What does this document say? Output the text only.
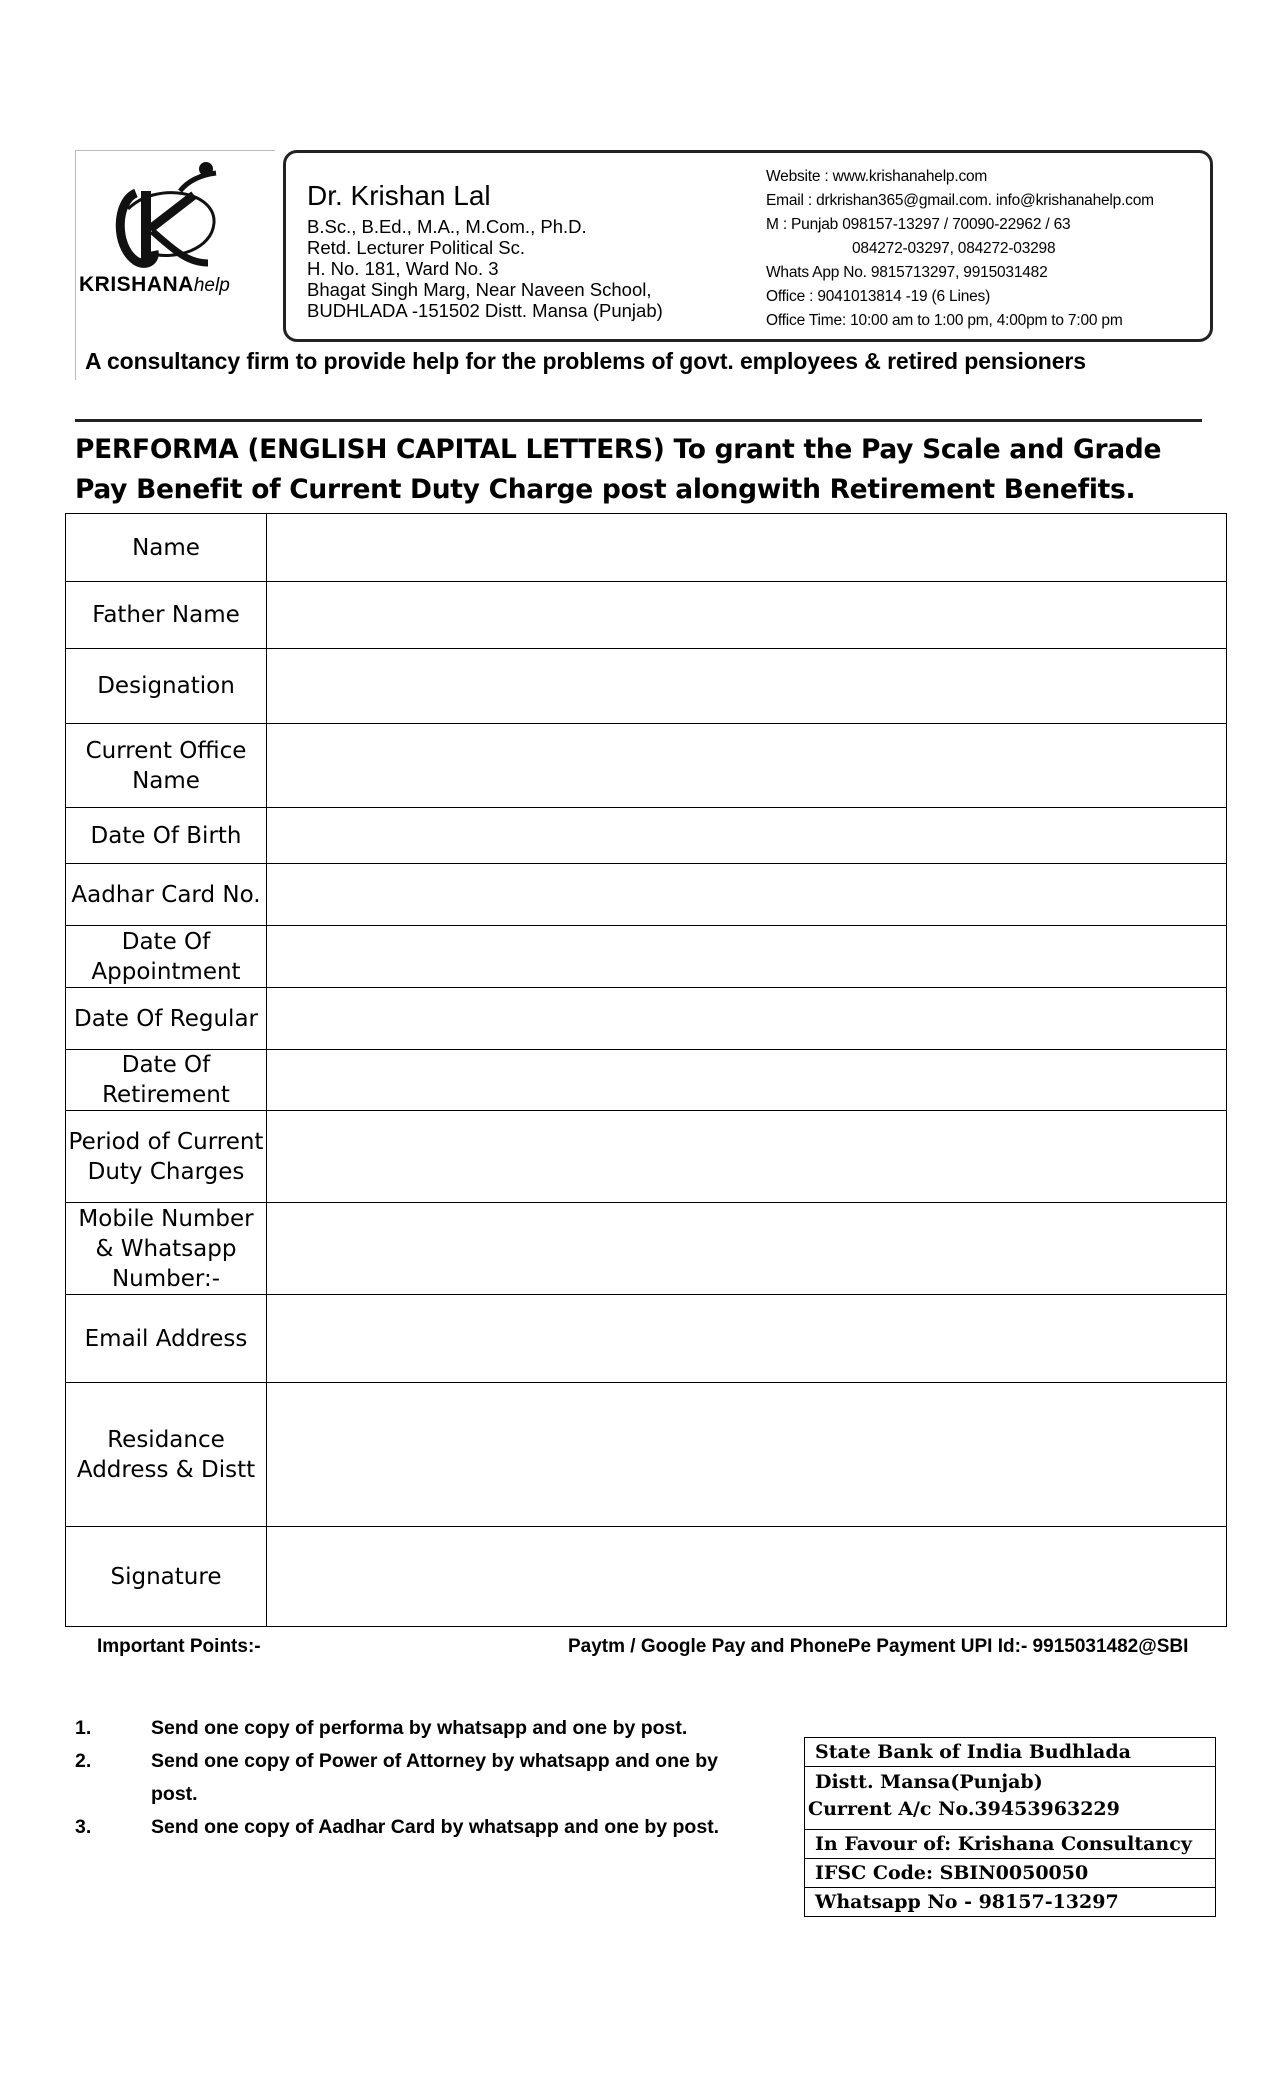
KRISHANAhelp
Dr. Krishan Lal
B.Sc., B.Ed., M.A., M.Com., Ph.D.
Retd. Lecturer Political Sc.
H. No. 181, Ward No. 3
Bhagat Singh Marg, Near Naveen School,
BUDHLADA -151502 Distt. Mansa (Punjab)
Website : www.krishanahelp.com
Email : drkrishan365@gmail.com. info@krishanahelp.com
M : Punjab 098157-13297 / 70090-22962 / 63
084272-03297, 084272-03298
Whats App No. 9815713297, 9915031482
Office : 9041013814 -19 (6 Lines)
Office Time: 10:00 am to 1:00 pm, 4:00pm to 7:00 pm
A consultancy firm to provide help for the problems of govt. employees & retired pensioners
PERFORMA (ENGLISH CAPITAL LETTERS) To grant the Pay Scale and Grade
Pay Benefit of Current Duty Charge post alongwith Retirement Benefits.
Name	
Father Name	
Designation	
Current Office Name	
Date Of Birth	
Aadhar Card No.	
Date Of Appointment	
Date Of Regular	
Date Of Retirement	
Period of Current Duty Charges	
Mobile Number & Whatsapp Number:-	
Email Address	
Residance Address & Distt	
Signature	
Important Points:-	Paytm / Google Pay and PhonePe Payment UPI Id:- 9915031482@SBI

1.	Send one copy of performa by whatsapp and one by post.

2.	Send one copy of Power of Attorney by whatsapp and one by post.

3.	Send one copy of Aadhar Card by whatsapp and one by post.

State Bank of India Budhlada
Distt. Mansa(Punjab)
Current A/c No.39453963229
In Favour of: Krishana Consultancy
IFSC Code: SBIN0050050
Whatsapp No - 98157-13297
